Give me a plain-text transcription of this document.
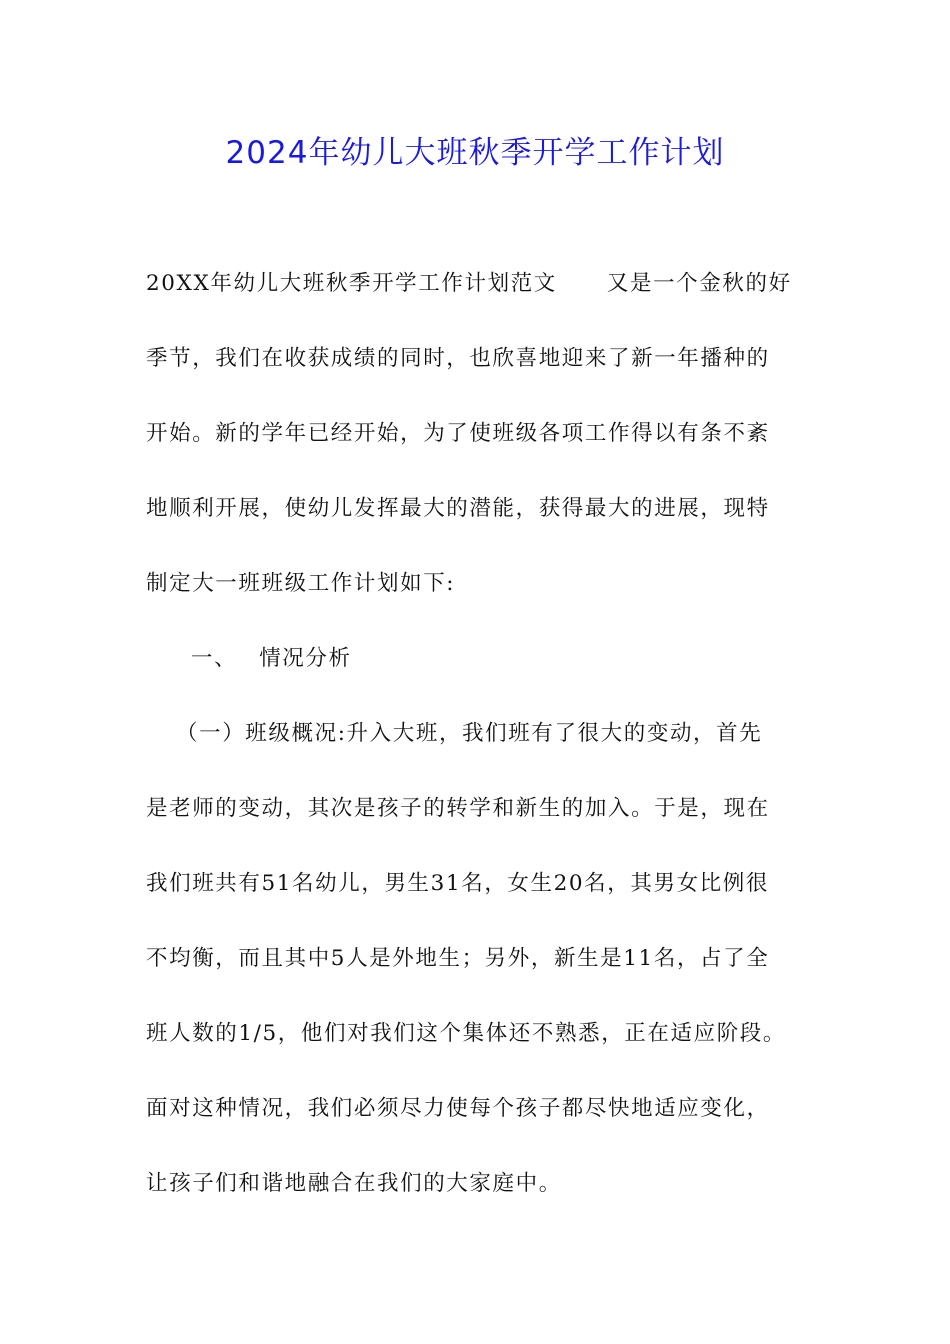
2024年幼儿大班秋季开学工作计划
20XX年幼儿大班秋季开学工作计划范文 又是一个金秋的好
季节，我们在收获成绩的同时，也欣喜地迎来了新一年播种的
开始。新的学年已经开始，为了使班级各项工作得以有条不紊
地顺利开展，使幼儿发挥最大的潜能，获得最大的进展，现特
制定大一班班级工作计划如下:
一、 情况分析
（一）班级概况:升入大班，我们班有了很大的变动，首先
是老师的变动，其次是孩子的转学和新生的加入。于是，现在
我们班共有51名幼儿，男生31名，女生20名，其男女比例很
不均衡，而且其中5人是外地生；另外，新生是11名，占了全
班人数的1/5，他们对我们这个集体还不熟悉，正在适应阶段。
面对这种情况，我们必须尽力使每个孩子都尽快地适应变化，
让孩子们和谐地融合在我们的大家庭中。
